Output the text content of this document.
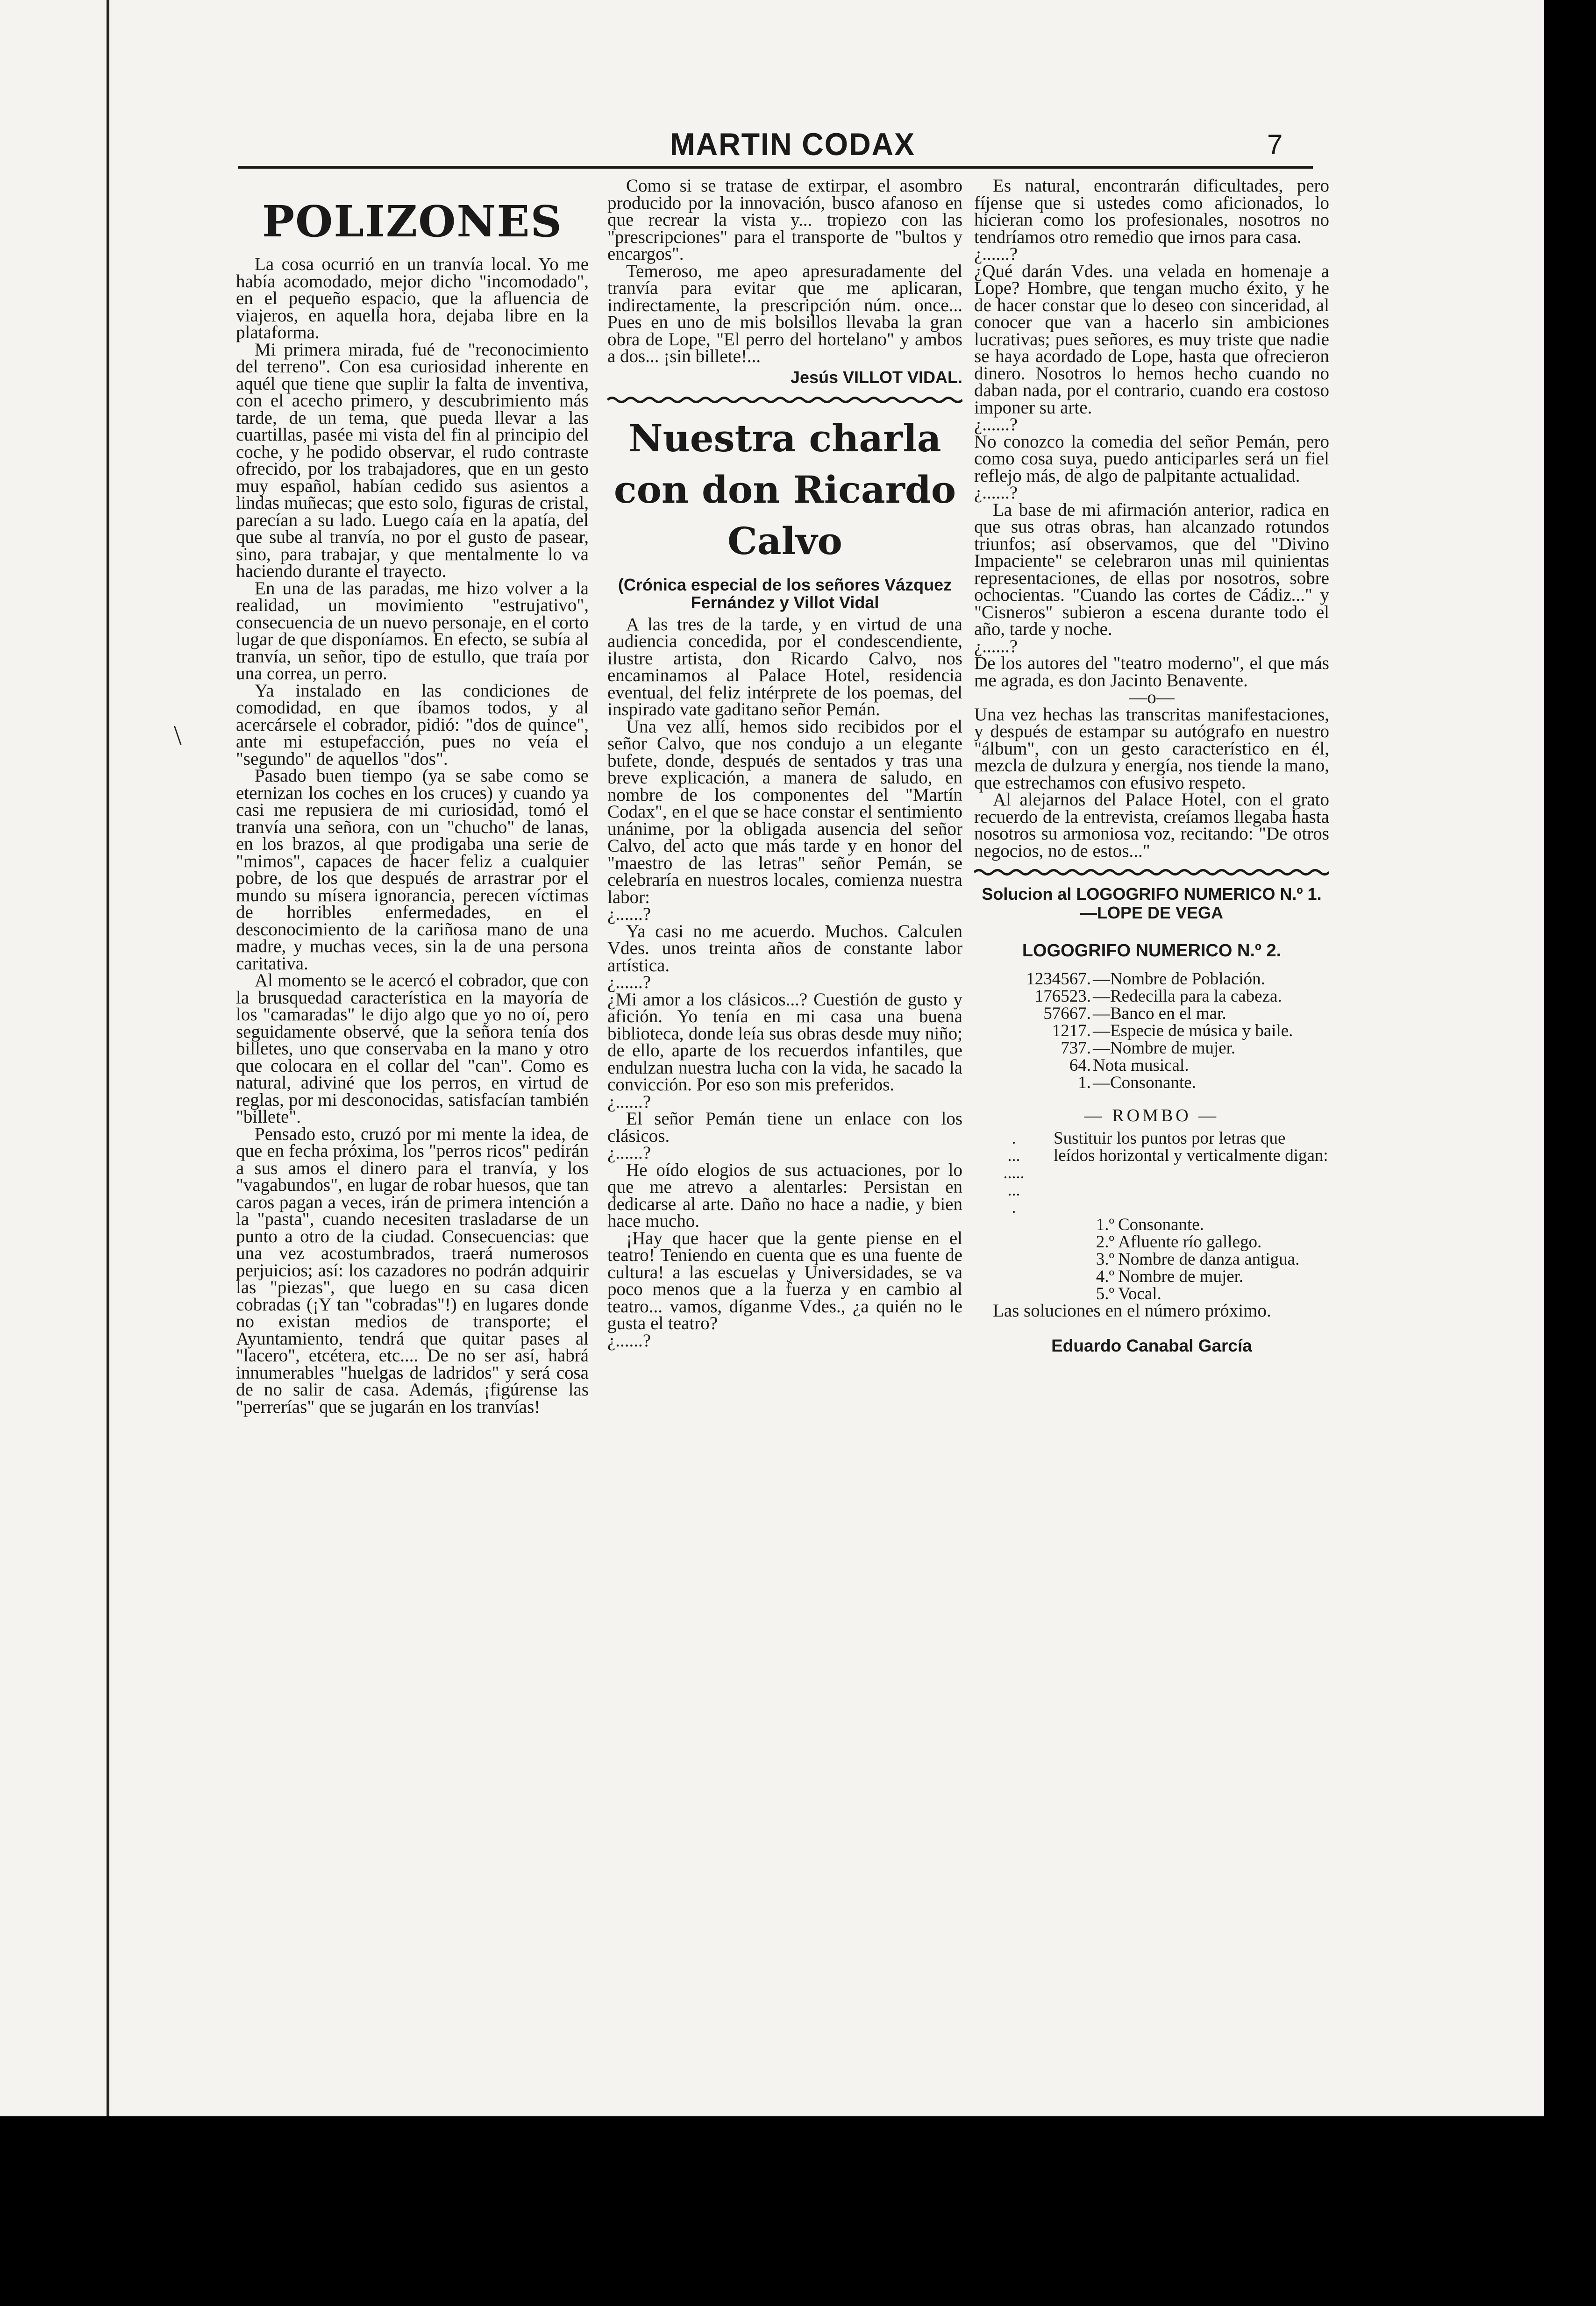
\
MARTIN CODAX	7
POLIZONES

La cosa ocurrió en un tranvía local. Yo me había acomodado, mejor dicho "incomodado", en el pequeño espacio, que la afluencia de viajeros, en aquella hora, dejaba libre en la plataforma.

Mi primera mirada, fué de "reconocimiento del terreno". Con esa curiosidad inherente en aquél que tiene que suplir la falta de inventiva, con el acecho primero, y descubrimiento más tarde, de un tema, que pueda llevar a las cuartillas, pasée mi vista del fin al principio del coche, y he podido observar, el rudo contraste ofrecido, por los trabajadores, que en un gesto muy español, habían cedido sus asientos a lindas muñecas; que esto solo, figuras de cristal, parecían a su lado. Luego caía en la apatía, del que sube al tranvía, no por el gusto de pasear, sino, para trabajar, y que mentalmente lo va haciendo durante el trayecto.

En una de las paradas, me hizo volver a la realidad, un movimiento "estrujativo", consecuencia de un nuevo personaje, en el corto lugar de que disponíamos. En efecto, se subía al tranvía, un señor, tipo de estullo, que traía por una correa, un perro.

Ya instalado en las condiciones de comodidad, en que íbamos todos, y al acercársele el cobrador, pidió: "dos de quince", ante mi estupefacción, pues no veía el "segundo" de aquellos "dos".

Pasado buen tiempo (ya se sabe como se eternizan los coches en los cruces) y cuando ya casi me repusiera de mi curiosidad, tomó el tranvía una señora, con un "chucho" de lanas, en los brazos, al que prodigaba una serie de "mimos", capaces de hacer feliz a cualquier pobre, de los que después de arrastrar por el mundo su mísera ignorancia, perecen víctimas de horribles enfermedades, en el desconocimiento de la cariñosa mano de una madre, y muchas veces, sin la de una persona caritativa.

Al momento se le acercó el cobrador, que con la brusquedad característica en la mayoría de los "camaradas" le dijo algo que yo no oí, pero seguidamente observé, que la señora tenía dos billetes, uno que conservaba en la mano y otro que colocara en el collar del "can". Como es natural, adiviné que los perros, en virtud de reglas, por mi desconocidas, satisfacían también "billete".

Pensado esto, cruzó por mi mente la idea, de que en fecha próxima, los "perros ricos" pedirán a sus amos el dinero para el tranvía, y los "vagabundos", en lugar de robar huesos, que tan caros pagan a veces, irán de primera intención a la "pasta", cuando necesiten trasladarse de un punto a otro de la ciudad. Consecuencias: que una vez acostumbrados, traerá numerosos perjuicios; así: los cazadores no podrán adquirir las "piezas", que luego en su casa dicen cobradas (¡Y tan "cobradas"!) en lugares donde no existan medios de transporte; el Ayuntamiento, tendrá que quitar pases al "lacero", etcétera, etc.... De no ser así, habrá innumerables "huelgas de ladridos" y será cosa de no salir de casa. Además, ¡figúrense las "perrerías" que se jugarán en los tranvías!

Como si se tratase de extirpar, el asombro producido por la innovación, busco afanoso en que recrear la vista y... tropiezo con las "prescripciones" para el transporte de "bultos y encargos".

Temeroso, me apeo apresuradamente del tranvía para evitar que me aplicaran, indirectamente, la prescripción núm. once... Pues en uno de mis bolsillos llevaba la gran obra de Lope, "El perro del hortelano" y ambos a dos... ¡sin billete!...

Jesús VILLOT VIDAL.
Nuestra charla
con don Ricardo
Calvo
(Crónica especial de los señores Vázquez Fernández y Villot Vidal

A las tres de la tarde, y en virtud de una audiencia concedida, por el condescendiente, ilustre artista, don Ricardo Calvo, nos encaminamos al Palace Hotel, residencia eventual, del feliz intérprete de los poemas, del inspirado vate gaditano señor Pemán.

Una vez allí, hemos sido recibidos por el señor Calvo, que nos condujo a un elegante bufete, donde, después de sentados y tras una breve explicación, a manera de saludo, en nombre de los componentes del "Martín Codax", en el que se hace constar el sentimiento unánime, por la obligada ausencia del señor Calvo, del acto que más tarde y en honor del "maestro de las letras" señor Pemán, se celebraría en nuestros locales, comienza nuestra labor:

¿......?

Ya casi no me acuerdo. Muchos. Calculen Vdes. unos treinta años de constante labor artística.

¿......?

¿Mi amor a los clásicos...? Cuestión de gusto y afición. Yo tenía en mi casa una buena biblioteca, donde leía sus obras desde muy niño; de ello, aparte de los recuerdos infantiles, que endulzan nuestra lucha con la vida, he sacado la convicción. Por eso son mis preferidos.

¿......?

El señor Pemán tiene un enlace con los clásicos.

¿......?

He oído elogios de sus actuaciones, por lo que me atrevo a alentarles: Persistan en dedicarse al arte. Daño no hace a nadie, y bien hace mucho.

¡Hay que hacer que la gente piense en el teatro! Teniendo en cuenta que es una fuente de cultura! a las escuelas y Universidades, se va poco menos que a la fuerza y en cambio al teatro... vamos, díganme Vdes., ¿a quién no le gusta el teatro?

¿......?

Es natural, encontrarán dificultades, pero fíjense que si ustedes como aficionados, lo hicieran como los profesionales, nosotros no tendríamos otro remedio que irnos para casa.

¿......?

¿Qué darán Vdes. una velada en homenaje a Lope? Hombre, que tengan mucho éxito, y he de hacer constar que lo deseo con sinceridad, al conocer que van a hacerlo sin ambiciones lucrativas; pues señores, es muy triste que nadie se haya acordado de Lope, hasta que ofrecieron dinero. Nosotros lo hemos hecho cuando no daban nada, por el contrario, cuando era costoso imponer su arte.

¿......?

No conozco la comedia del señor Pemán, pero como cosa suya, puedo anticiparles será un fiel reflejo más, de algo de palpitante actualidad.

¿......?

La base de mi afirmación anterior, radica en que sus otras obras, han alcanzado rotundos triunfos; así observamos, que del "Divino Impaciente" se celebraron unas mil quinientas representaciones, de ellas por nosotros, sobre ochocientas. "Cuando las cortes de Cádiz..." y "Cisneros" subieron a escena durante todo el año, tarde y noche.

¿......?

De los autores del "teatro moderno", el que más me agrada, es don Jacinto Benavente.

—o—

Una vez hechas las transcritas manifestaciones, y después de estampar su autógrafo en nuestro "álbum", con un gesto característico en él, mezcla de dulzura y energía, nos tiende la mano, que estrechamos con efusivo respeto.

Al alejarnos del Palace Hotel, con el grato recuerdo de la entrevista, creíamos llegaba hasta nosotros su armoniosa voz, recitando: "De otros negocios, no de estos..."

Solucion al LOGOGRIFO NUMERICO N.º 1.—LOPE DE VEGA
LOGOGRIFO NUMERICO N.º 2.
1234567. —Nombre de Población.
176523. —Redecilla para la cabeza.
57667. —Banco en el mar.
1217. —Especie de música y baile.
737. —Nombre de mujer.
64. Nota musical.
1. —Consonante.
— ROMBO —
.
...
.....
...
.
Sustituir los puntos por letras que leídos horizontal y verticalmente digan:
1.º Consonante.
2.º Afluente río gallego.
3.º Nombre de danza antigua.
4.º Nombre de mujer.
5.º Vocal.

Las soluciones en el número próximo.

Eduardo Canabal García
